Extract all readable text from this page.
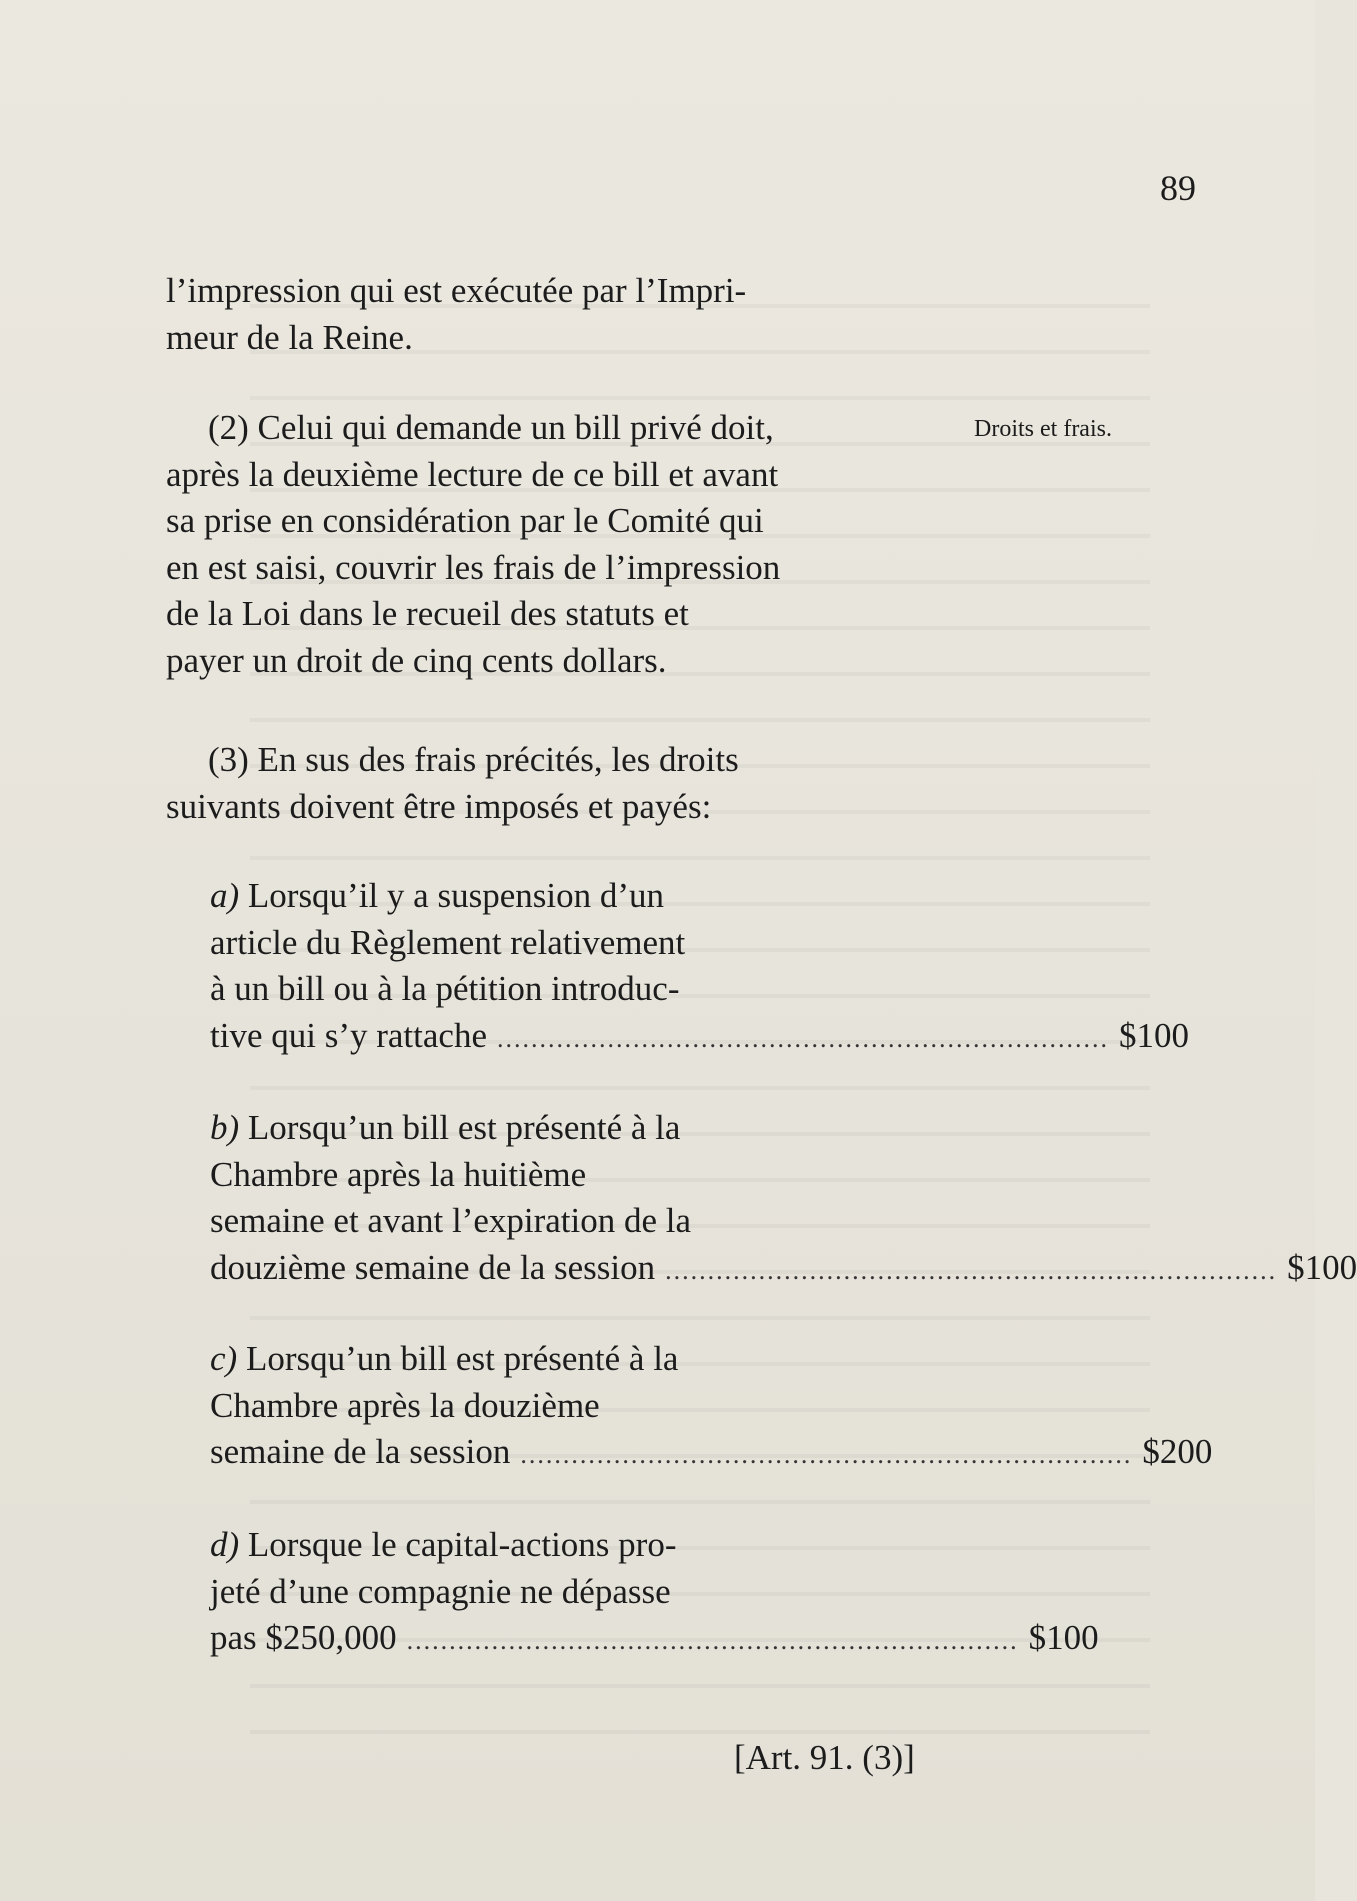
89
l’impression qui est exécutée par l’Impri-
meur de la Reine.
(2) Celui qui demande un bill privé doit,
après la deuxième lecture de ce bill et avant
sa prise en considération par le Comité qui
en est saisi, couvrir les frais de l’impression
de la Loi dans le recueil des statuts et
payer un droit de cinq cents dollars.
Droits et frais.
(3) En sus des frais précités, les droits
suivants doivent être imposés et payés:
a) Lorsqu’il y a suspension d’un
article du Règlement relativement
à un bill ou à la pétition introduc-
tive qui s’y rattache ........................................................................ $100
b) Lorsqu’un bill est présenté à la
Chambre après la huitième
semaine et avant l’expiration de la
douzième semaine de la session ........................................................................ $100
c) Lorsqu’un bill est présenté à la
Chambre après la douzième
semaine de la session ........................................................................ $200
d) Lorsque le capital-actions pro-
jeté d’une compagnie ne dépasse
pas $250,000 ........................................................................ $100
[Art. 91. (3)]
